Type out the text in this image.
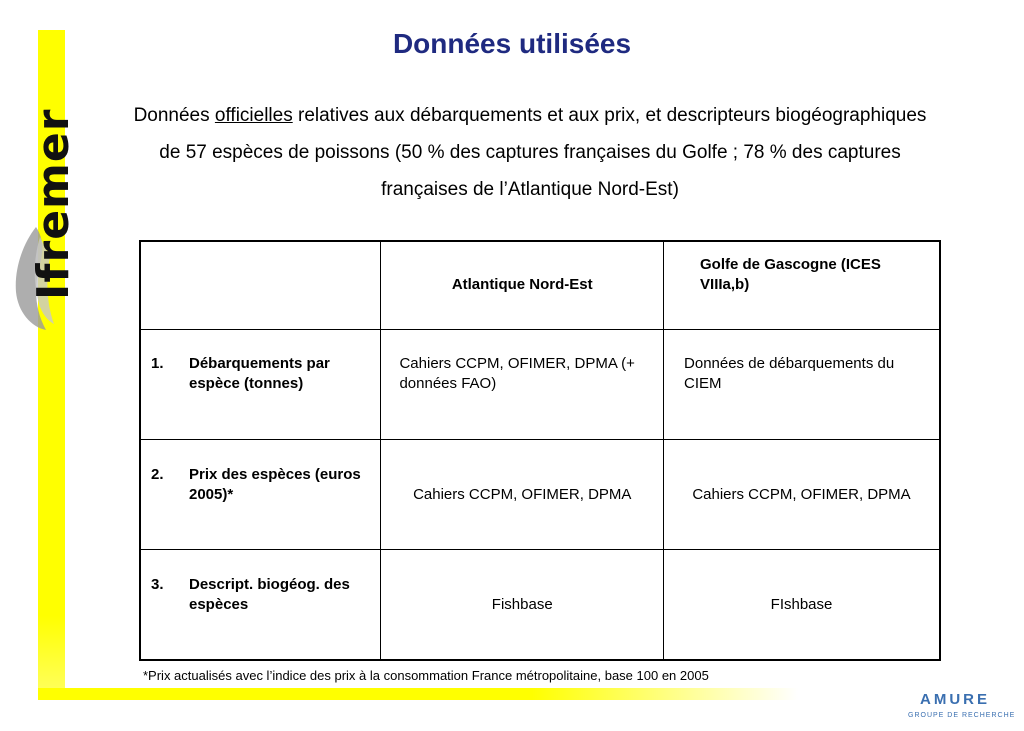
Ifremer
Données utilisées

Données officielles relatives aux débarquements et aux prix, et descripteurs biogéographiques de 57 espèces de poissons (50 % des captures françaises du Golfe ; 78 % des captures françaises de l’Atlantique Nord-Est)

	Atlantique Nord-Est	Golfe de Gascogne (ICES VIIIa,b)

1. Débarquements par espèce (tonnes)	Cahiers CCPM, OFIMER, DPMA (+ données FAO)	Données de débarquements du CIEM

2. Prix des espèces (euros 2005)*	Cahiers CCPM, OFIMER, DPMA	Cahiers CCPM, OFIMER, DPMA

3. Descript. biogéog. des espèces	Fishbase	FIshbase

*Prix actualisés avec l’indice des prix à la consommation France métropolitaine, base 100 en 2005

AMURE
GROUPE DE RECHERCHE
